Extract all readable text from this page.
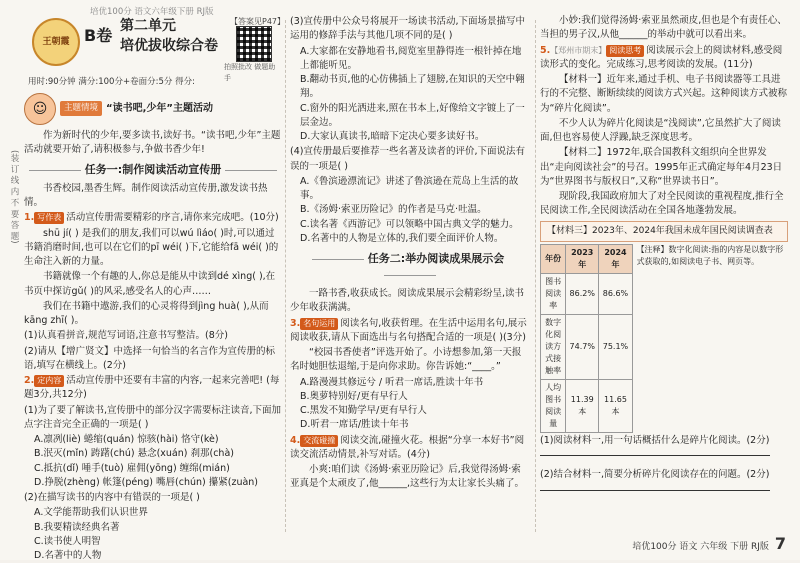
培优100分 语文六年级下册 RJ版
(装 订 线 内 不 要 答 题)
王朝霞 B卷 第二单元
培优拔收综合卷
【答案见P47】
拍照批改 做题助手
用时:90分钟 满分:100分+卷面分:5分 得分:
☺	主题情境 “读书吧,少年”主题活动
作为新时代的少年,要多读书,读好书。“读书吧,少年”主题活动就要开始了,请积极参与,争做书香少年!
任务一:制作阅读活动宣传册
书香校园,墨香生辉。制作阅读活动宣传册,激发读书热情。
1. 写作表 活动宣传册需要精彩的序言,请你来完成吧。(10分)
shū jí( ) 是我们的朋友,我们可以wú lìáo( )时,可以通过书籍消磨时间,也可以在它们的pī wéi( )下,它能给fā wéi( )的生命注入新的力量。
书籍就像一个有趣的人,你总是能从中读到dé xìng( ),在书页中探访gǔ( )的风采,感受名人的心声……
我们在书籍中遨游,我们的心灵将得到jìng huà( ),从而kāng zhī( )。
(1)认真看拼音,规范写词语,注意书写整洁。(8分)
(2)请从【增广贤文】中选择一句恰当的名言作为宣传册的标语,填写在横线上。(2分)
2. 定内容 活动宣传册中还要有丰富的内容,一起来完善吧! (每题3分,共12分)
(1)为了要了解读书,宣传册中的部分汉字需要标注读音,下面加点字注音完全正确的一项是( )
A.凛冽(liè) 蜷缩(quán) 惊骇(hài) 恪守(kè)
B.泯灭(mǐn) 踌躇(chú) 悬念(xuán) 刹那(chà)
C.抵抗(dǐ) 唾手(tuò) 雇佣(yōng) 缠绵(mián)
D.挣脱(zhèng) 帐篷(péng) 嘴唇(chún) 攥紧(zuàn)
(2)在描写读书的内容中有错误的一项是( )
A.文学能帮助我们认识世界
B.我要精读经典名著
C.读书使人明智
D.名著中的人物
(3)宣传册中公众号将展开一场读书活动,下面场景描写中运用的修辞手法与其他几项不同的是( )
A.大家都在安静地看书,阅览室里静得连一根针掉在地上都能听见。
B.翻动书页,他的心仿佛插上了翅膀,在知识的天空中翱翔。
C.窗外的阳光洒进来,照在书本上,好像给文字镀上了一层金边。
D.大家认真读书,暗暗下定决心要多读好书。
(4)宣传册最后要推荐一些名著及读者的评价,下面说法有误的一项是( )
A.《鲁滨逊漂流记》讲述了鲁滨逊在荒岛上生活的故事。
B.《汤姆·索亚历险记》的作者是马克·吐温。
C.读名著《西游记》可以领略中国古典文学的魅力。
D.名著中的人物是立体的,我们要全面评价人物。
任务二:举办阅读成果展示会
一路书香,收获成长。阅读成果展示会精彩纷呈,读书少年收获满满。
3. 名句运用 阅读名句,收获哲理。在生活中运用名句,展示阅读收获,请从下面选出与名句搭配合适的一项是( )(3分)
“校园书香使者”评选开始了。小诗想参加,第一天报名时她胆怯退缩,于是向你求助。你告诉她:“____。”
A.路漫漫其修远兮 / 听君一席话,胜读十年书
B.奥萝特别好/更有早行人
C.黑发不知勤学早/更有早行人
D.听君一席话/胜读十年书
4. 交流碰撞 阅读交流,碰撞火花。根据“分享一本好书”阅读交流活动情景,补写对话。(4分)
小爽:咱们读《汤姆·索亚历险记》后,我觉得汤姆·索亚真是个太顽皮了,他______,这些行为太让家长头痛了。
小妙:我们觉得汤姆·索亚虽然顽皮,但也是个有责任心、当担的男子汉,从他______的举动中就可以看出来。
5.【郑州市期末】 阅读思考 阅读展示会上的阅读材料,感受阅读形式的变化。完成练习,思考阅读的发展。(11分)
【材料一】近年来,通过手机、电子书阅读器等工具进行的不完整、断断续续的阅读方式兴起。这种阅读方式被称为“碎片化阅读”。
不少人认为碎片化阅读是“浅阅读”,它虽然扩大了阅读面,但也容易使人浮躁,缺乏深度思考。
【材料二】1972年,联合国教科文组织向全世界发出“走向阅读社会”的号召。1995年正式确定每年4月23日为“世界图书与版权日”,又称“世界读书日”。
现阶段,我国政府加大了对全民阅读的重视程度,推行全民阅读工作,全民阅读活动在全国各地蓬勃发展。
【材料三】2023年、2024年我国未成年国民阅读调查表
年份	2023年	2024年
图书阅读率	86.2%	86.6%
数字化阅读方式接触率	74.7%	75.1%
人均图书阅读量	11.39本	11.65本
【注释】数字化阅读:指的内容是以数字形式获取的,如阅读电子书、网页等。
(1)阅读材料一,用一句话概括什么是碎片化阅读。(2分)
(2)结合材料一,简要分析碎片化阅读存在的问题。(2分)
培优100分 语文 六年级 下册 RJ版 7
